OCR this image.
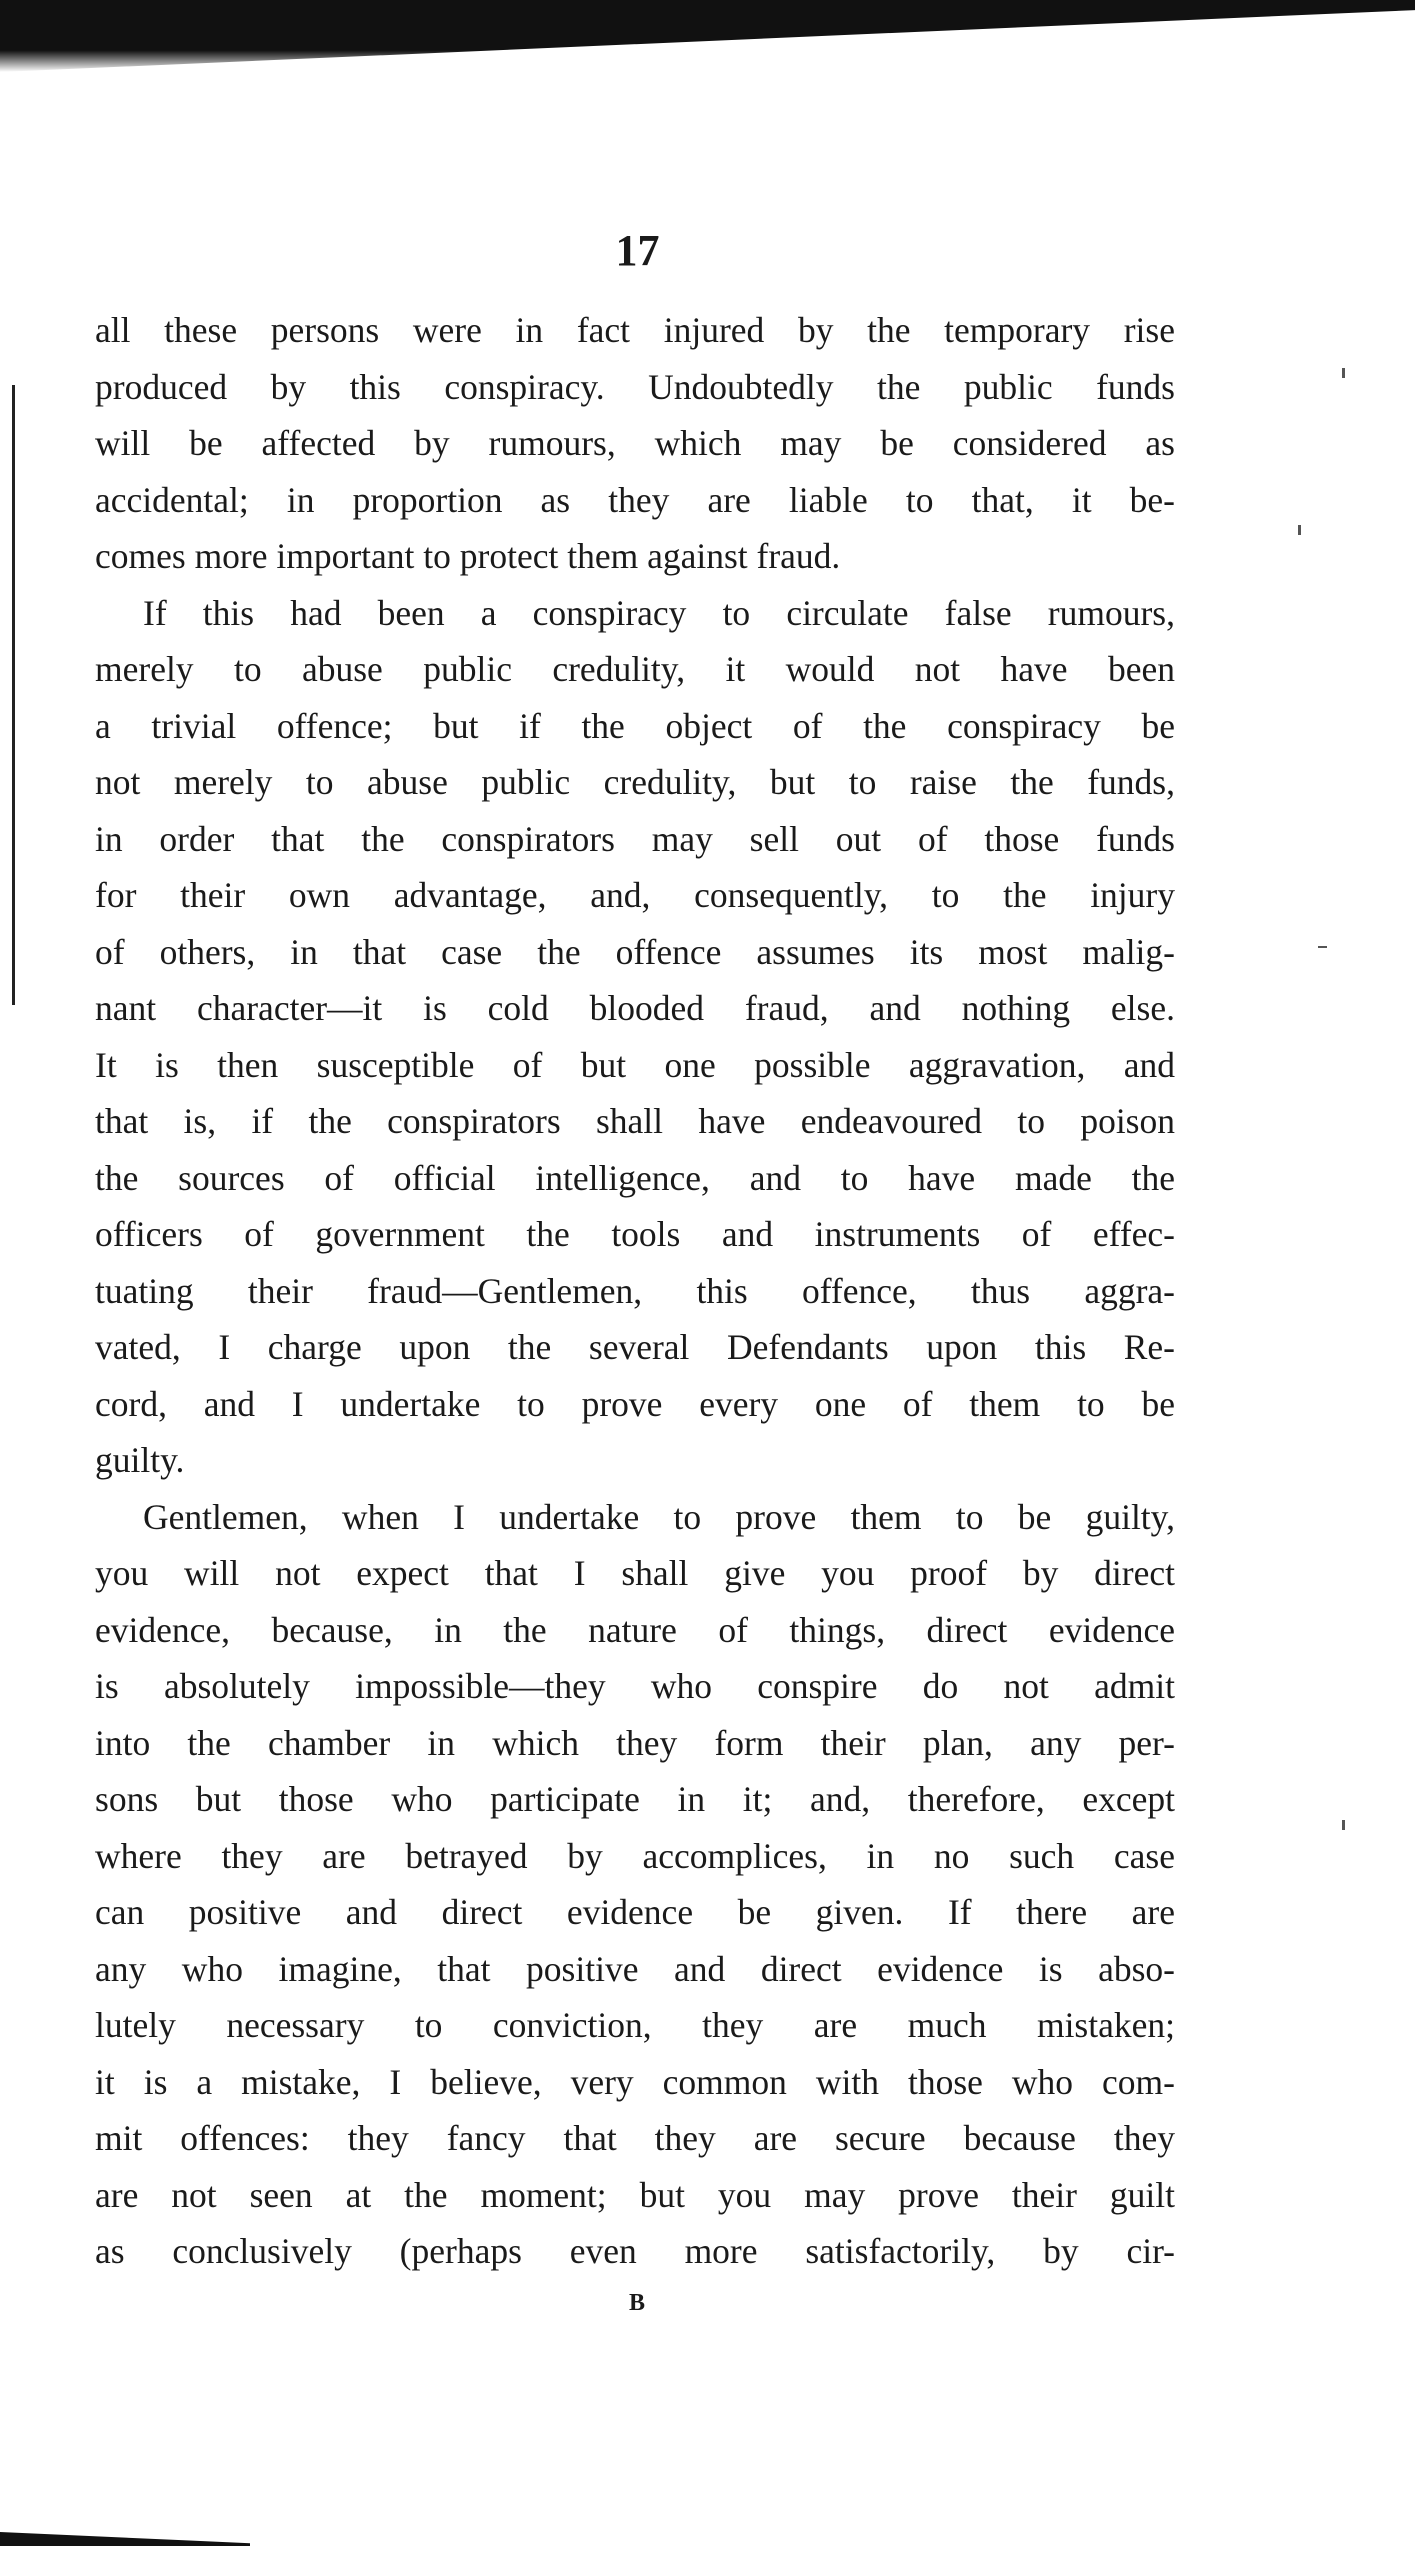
17
all these persons were in fact injured by the temporary rise
produced by this conspiracy. Undoubtedly the public funds
will be affected by rumours, which may be considered as
accidental; in proportion as they are liable to that, it be-
comes more important to protect them against fraud.
If this had been a conspiracy to circulate false rumours,
merely to abuse public credulity, it would not have been
a trivial offence; but if the object of the conspiracy be
not merely to abuse public credulity, but to raise the funds,
in order that the conspirators may sell out of those funds
for their own advantage, and, consequently, to the injury
of others, in that case the offence assumes its most malig-
nant character—it is cold blooded fraud, and nothing else.
It is then susceptible of but one possible aggravation, and
that is, if the conspirators shall have endeavoured to poison
the sources of official intelligence, and to have made the
officers of government the tools and instruments of effec-
tuating their fraud—Gentlemen, this offence, thus aggra-
vated, I charge upon the several Defendants upon this Re-
cord, and I undertake to prove every one of them to be
guilty.
Gentlemen, when I undertake to prove them to be guilty,
you will not expect that I shall give you proof by direct
evidence, because, in the nature of things, direct evidence
is absolutely impossible—they who conspire do not admit
into the chamber in which they form their plan, any per-
sons but those who participate in it; and, therefore, except
where they are betrayed by accomplices, in no such case
can positive and direct evidence be given. If there are
any who imagine, that positive and direct evidence is abso-
lutely necessary to conviction, they are much mistaken;
it is a mistake, I believe, very common with those who com-
mit offences: they fancy that they are secure because they
are not seen at the moment; but you may prove their guilt
as conclusively (perhaps even more satisfactorily, by cir-
B
